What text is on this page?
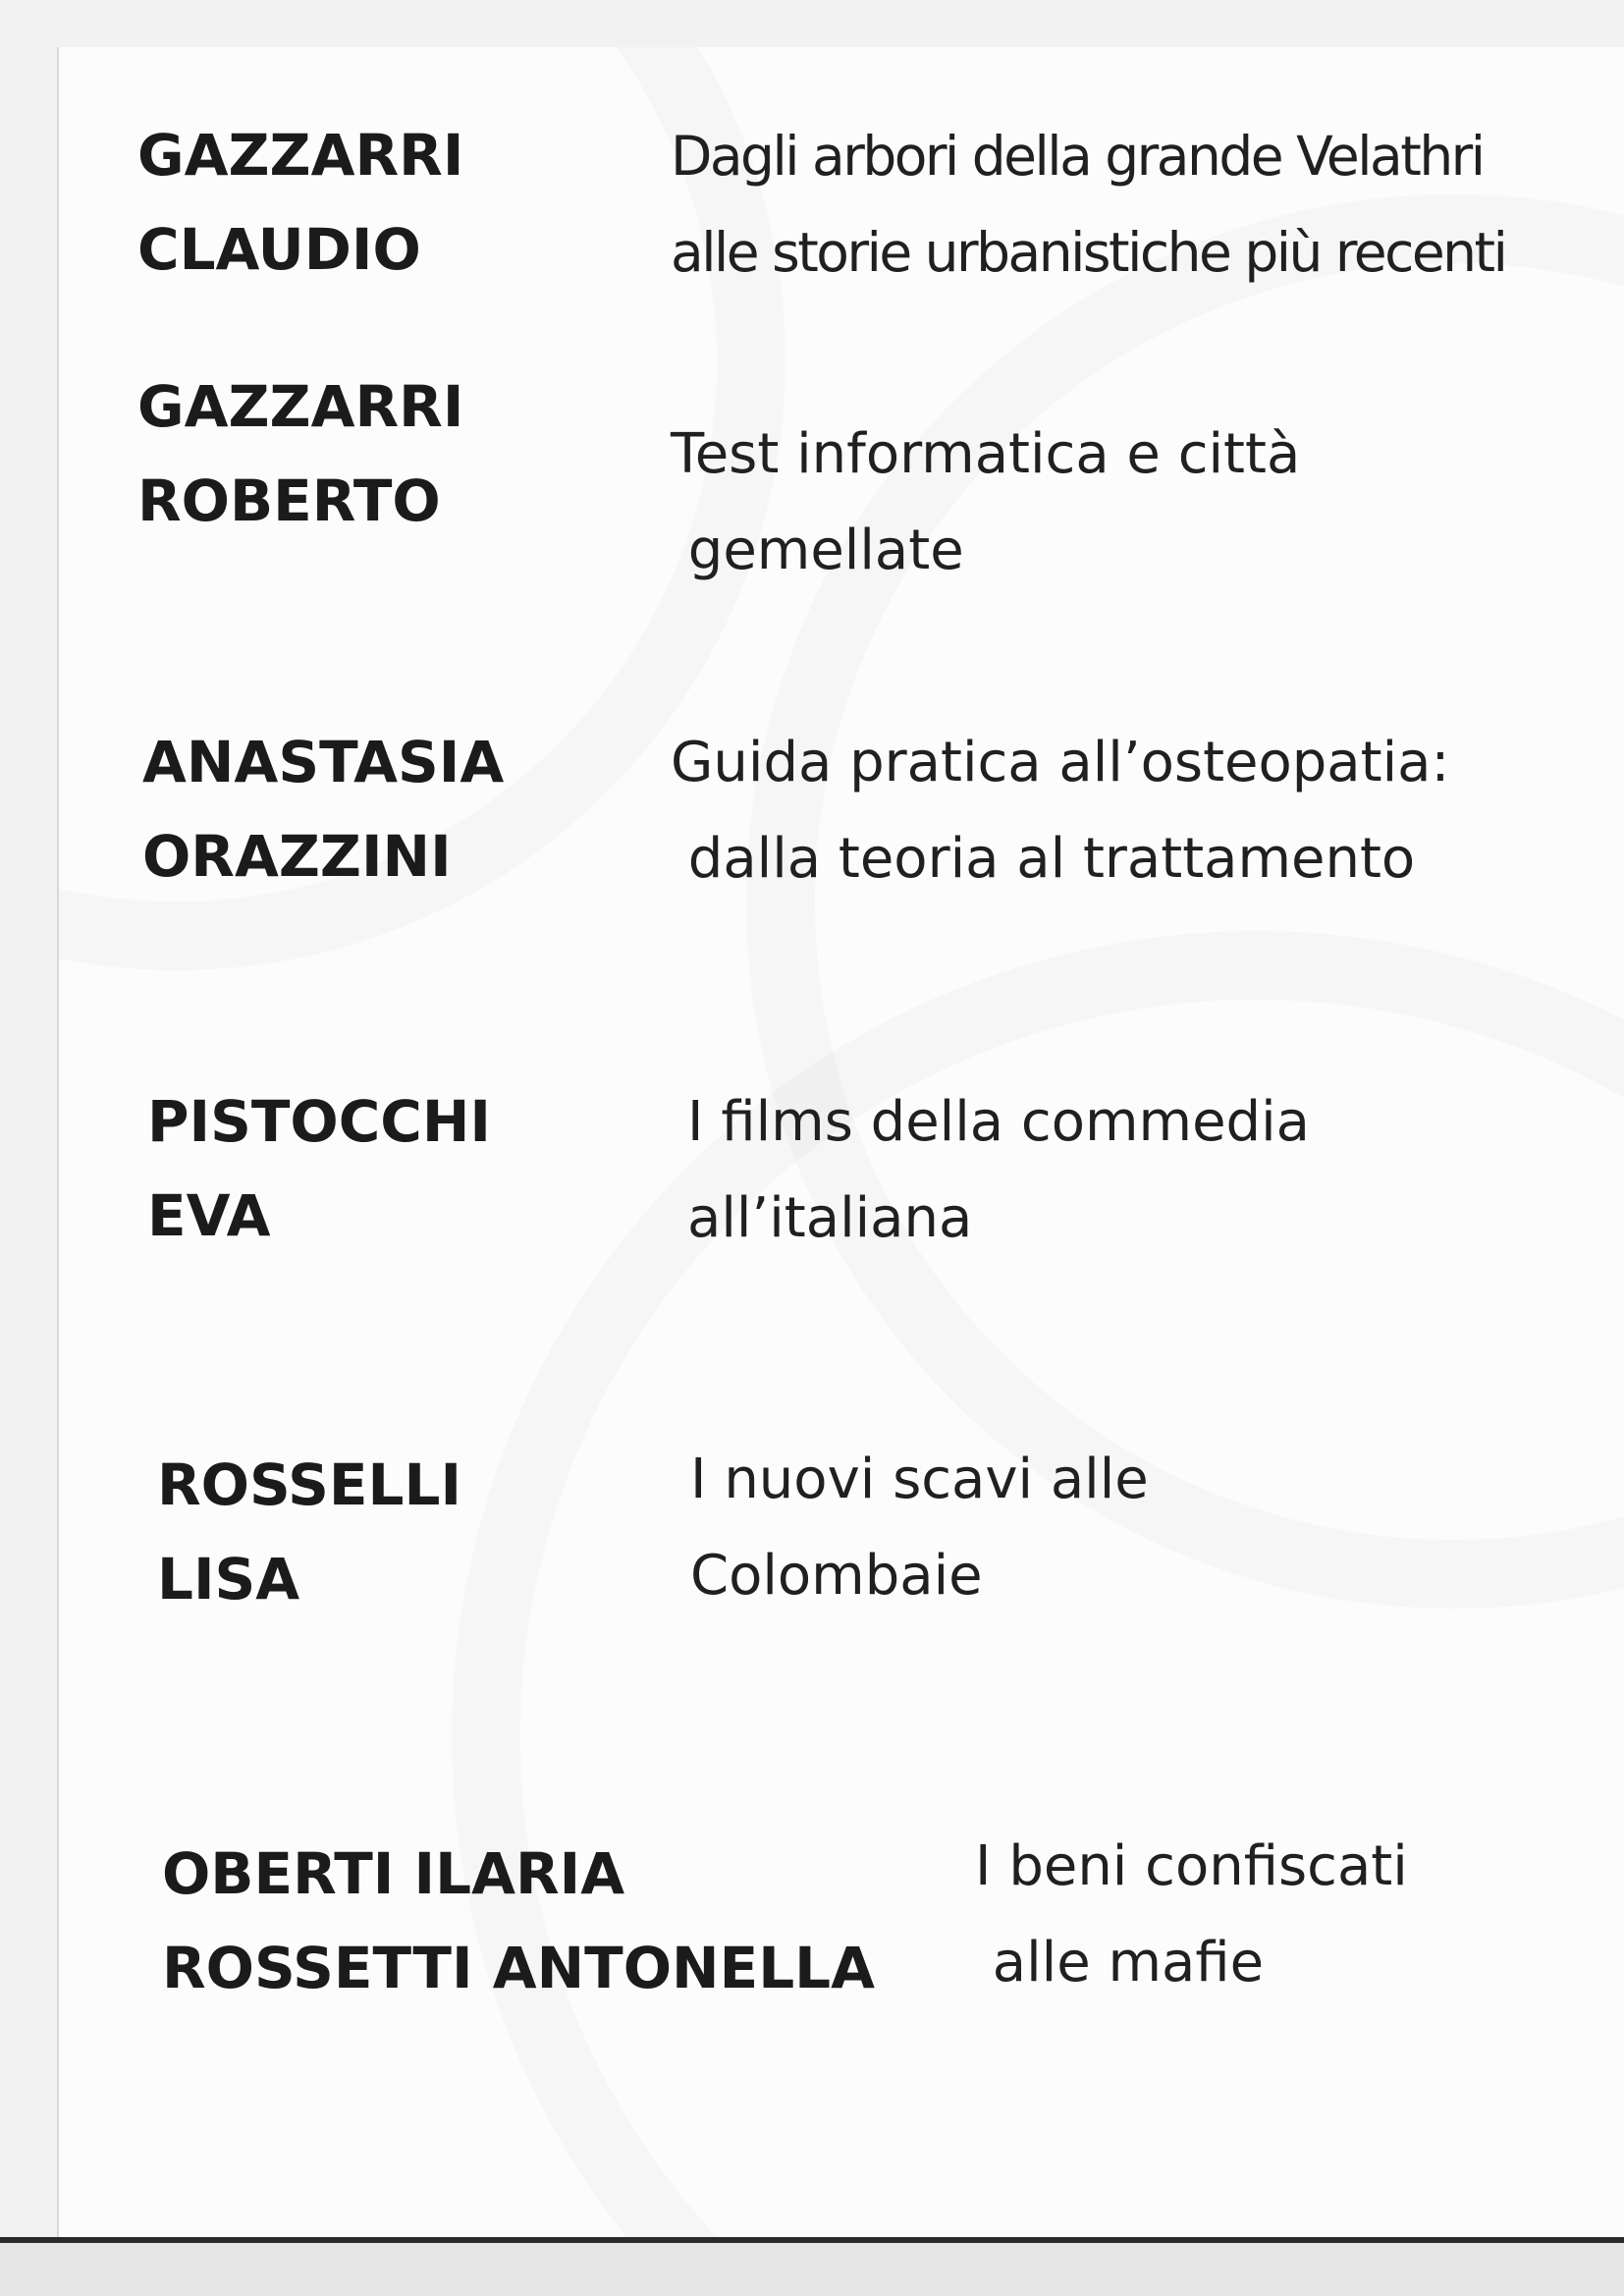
GAZZARRI
CLAUDIO
Dagli arbori della grande Velathri
alle storie urbanistiche più recenti
GAZZARRI
ROBERTO
Test informatica e città
gemellate
ANASTASIA
ORAZZINI
Guida pratica all’osteopatia:
dalla teoria al trattamento
PISTOCCHI
EVA
I films della commedia
all’italiana
ROSSELLI
LISA
I nuovi scavi alle
Colombaie
OBERTI ILARIA
ROSSETTI ANTONELLA
I beni confiscati
alle mafie
